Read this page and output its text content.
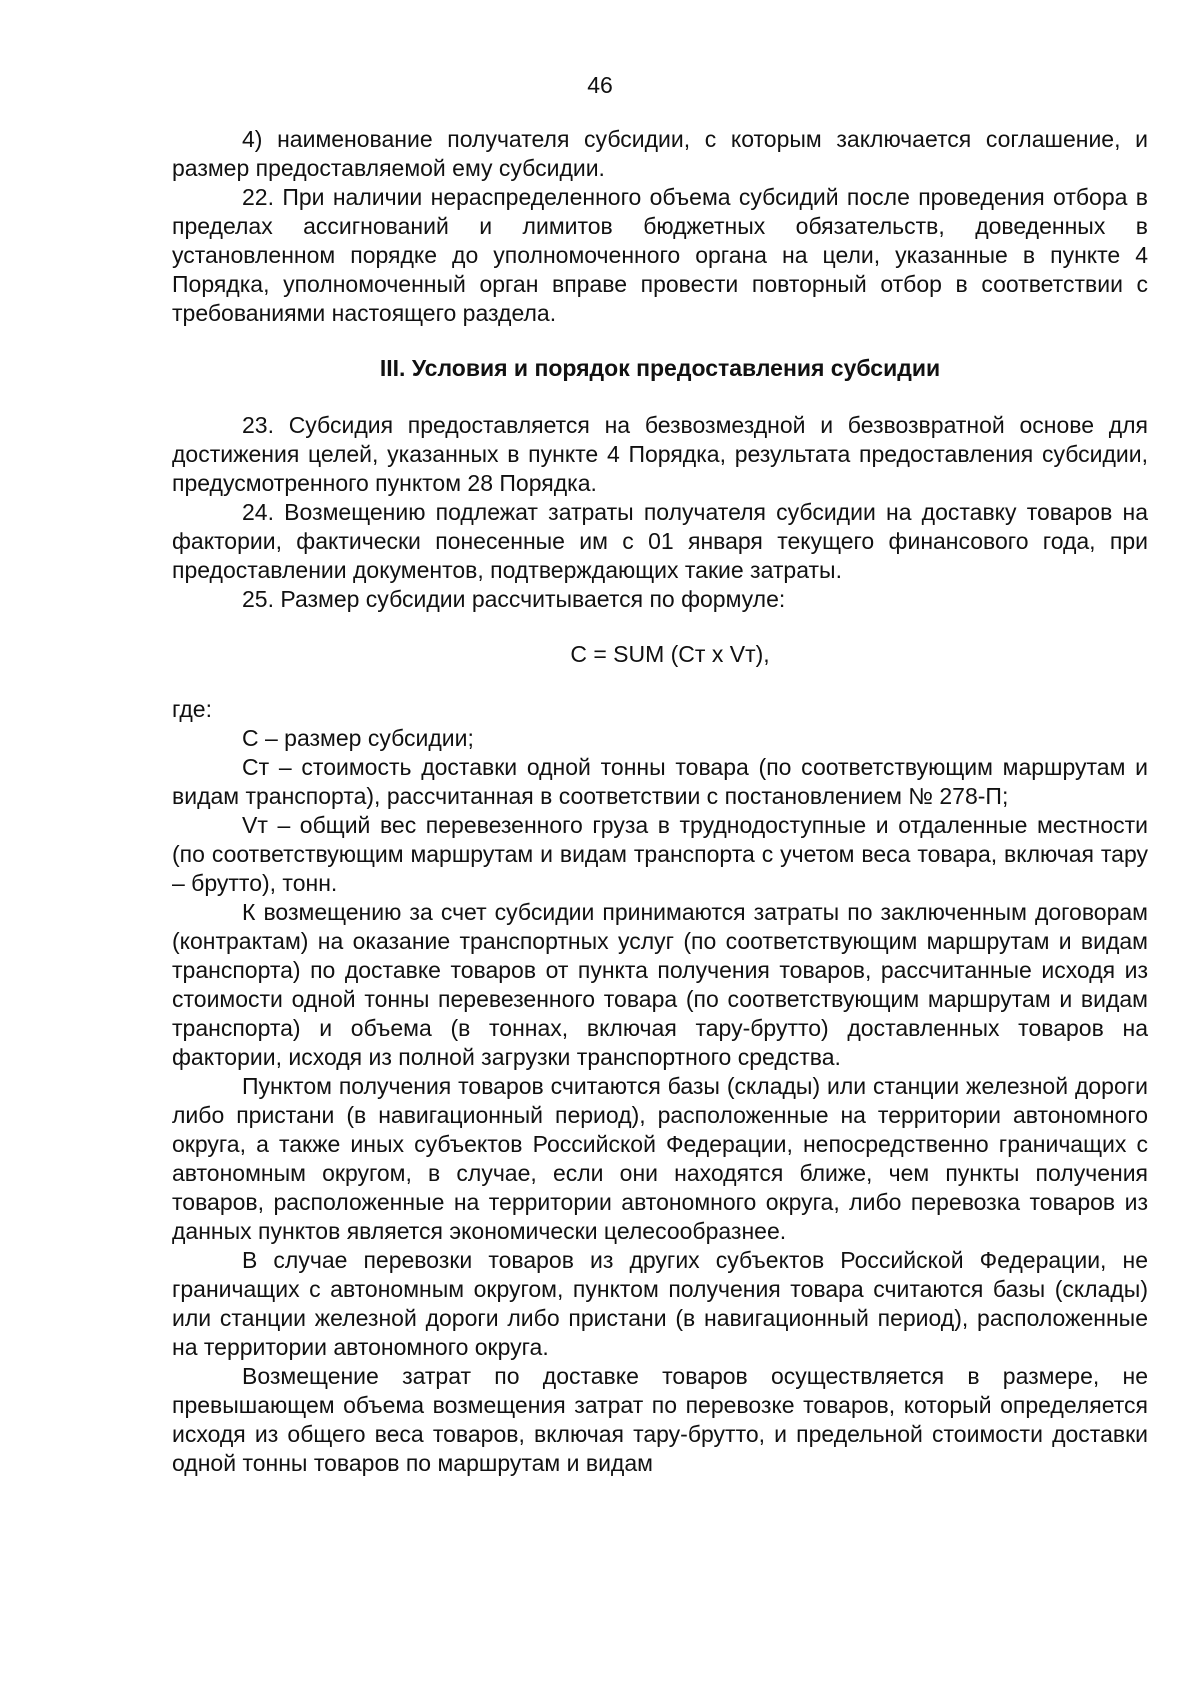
46

4) наименование получателя субсидии, с которым заключается соглашение, и размер предоставляемой ему субсидии.

22. При наличии нераспределенного объема субсидий после проведения отбора в пределах ассигнований и лимитов бюджетных обязательств, доведенных в установленном порядке до уполномоченного органа на цели, указанные в пункте 4 Порядка, уполномоченный орган вправе провести повторный отбор в соответствии с требованиями настоящего раздела.

III. Условия и порядок предоставления субсидии

23. Субсидия предоставляется на безвозмездной и безвозвратной основе для достижения целей, указанных в пункте 4 Порядка, результата предоставления субсидии, предусмотренного пунктом 28 Порядка.

24. Возмещению подлежат затраты получателя субсидии на доставку товаров на фактории, фактически понесенные им с 01 января текущего финансового года, при предоставлении документов, подтверждающих такие затраты.

25. Размер субсидии рассчитывается по формуле:

С = SUM (Ст x Vт),

где:

С – размер субсидии;

Ст – стоимость доставки одной тонны товара (по соответствующим маршрутам и видам транспорта), рассчитанная в соответствии с постановлением № 278-П;

Vт – общий вес перевезенного груза в труднодоступные и отдаленные местности (по соответствующим маршрутам и видам транспорта с учетом веса товара, включая тару – брутто), тонн.

К возмещению за счет субсидии принимаются затраты по заключенным договорам (контрактам) на оказание транспортных услуг (по соответствующим маршрутам и видам транспорта) по доставке товаров от пункта получения товаров, рассчитанные исходя из стоимости одной тонны перевезенного товара (по соответствующим маршрутам и видам транспорта) и объема (в тоннах, включая тару-брутто) доставленных товаров на фактории, исходя из полной загрузки транспортного средства.

Пунктом получения товаров считаются базы (склады) или станции железной дороги либо пристани (в навигационный период), расположенные на территории автономного округа, а также иных субъектов Российской Федерации, непосредственно граничащих с автономным округом, в случае, если они находятся ближе, чем пункты получения товаров, расположенные на территории автономного округа, либо перевозка товаров из данных пунктов является экономически целесообразнее.

В случае перевозки товаров из других субъектов Российской Федерации, не граничащих с автономным округом, пунктом получения товара считаются базы (склады) или станции железной дороги либо пристани (в навигационный период), расположенные на территории автономного округа.

Возмещение затрат по доставке товаров осуществляется в размере, не превышающем объема возмещения затрат по перевозке товаров, который определяется исходя из общего веса товаров, включая тару-брутто, и предельной стоимости доставки одной тонны товаров по маршрутам и видам
